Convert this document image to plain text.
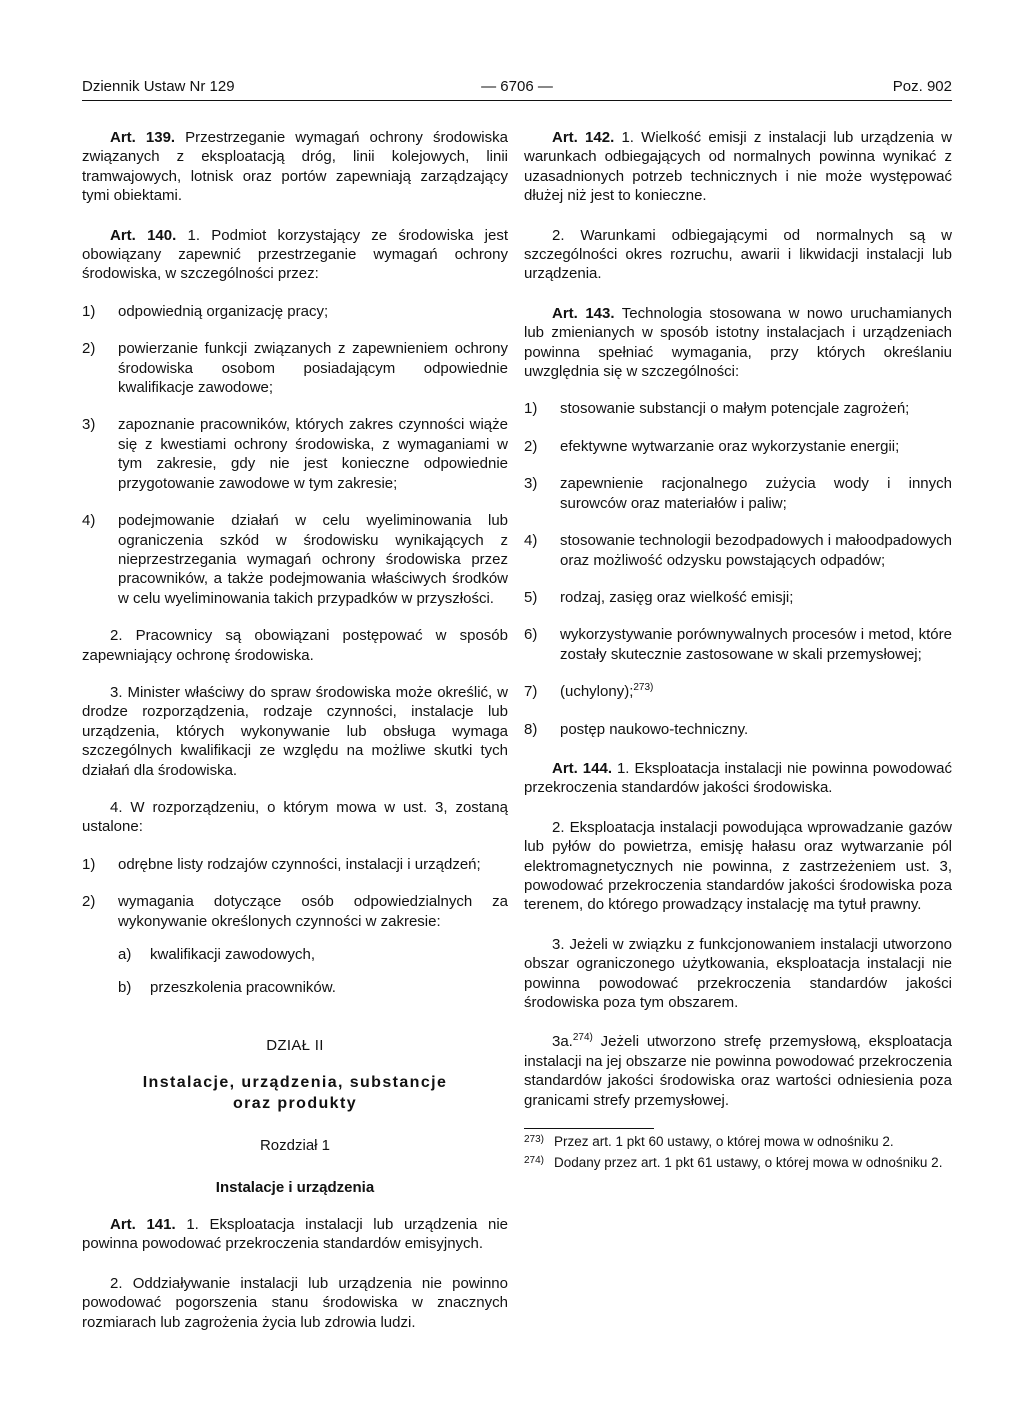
Dziennik Ustaw Nr 129	— 6706 —	Poz. 902

Art. 139. Przestrzeganie wymagań ochrony środowiska związanych z eksploatacją dróg, linii kolejowych, linii tramwajowych, lotnisk oraz portów zapewniają zarządzający tymi obiektami.

Art. 140. 1. Podmiot korzystający ze środowiska jest obowiązany zapewnić przestrzeganie wymagań ochrony środowiska, w szczególności przez:

1) odpowiednią organizację pracy;
2) powierzanie funkcji związanych z zapewnieniem ochrony środowiska osobom posiadającym odpowiednie kwalifikacje zawodowe;
3) zapoznanie pracowników, których zakres czynności wiąże się z kwestiami ochrony środowiska, z wymaganiami w tym zakresie, gdy nie jest konieczne odpowiednie przygotowanie zawodowe w tym zakresie;
4) podejmowanie działań w celu wyeliminowania lub ograniczenia szkód w środowisku wynikających z nieprzestrzegania wymagań ochrony środowiska przez pracowników, a także podejmowania właściwych środków w celu wyeliminowania takich przypadków w przyszłości.

2. Pracownicy są obowiązani postępować w sposób zapewniający ochronę środowiska.

3. Minister właściwy do spraw środowiska może określić, w drodze rozporządzenia, rodzaje czynności, instalacje lub urządzenia, których wykonywanie lub obsługa wymaga szczególnych kwalifikacji ze względu na możliwe skutki tych działań dla środowiska.

4. W rozporządzeniu, o którym mowa w ust. 3, zostaną ustalone:

1) odrębne listy rodzajów czynności, instalacji i urządzeń;
2) wymagania dotyczące osób odpowiedzialnych za wykonywanie określonych czynności w zakresie:
a) kwalifikacji zawodowych,
b) przeszkolenia pracowników.

DZIAŁ II

Instalacje, urządzenia, substancje

oraz produkty

Rozdział 1

Instalacje i urządzenia

Art. 141. 1. Eksploatacja instalacji lub urządzenia nie powinna powodować przekroczenia standardów emisyjnych.

2. Oddziaływanie instalacji lub urządzenia nie powinno powodować pogorszenia stanu środowiska w znacznych rozmiarach lub zagrożenia życia lub zdrowia ludzi.

Art. 142. 1. Wielkość emisji z instalacji lub urządzenia w warunkach odbiegających od normalnych powinna wynikać z uzasadnionych potrzeb technicznych i nie może występować dłużej niż jest to konieczne.

2. Warunkami odbiegającymi od normalnych są w szczególności okres rozruchu, awarii i likwidacji instalacji lub urządzenia.

Art. 143. Technologia stosowana w nowo uruchamianych lub zmienianych w sposób istotny instalacjach i urządzeniach powinna spełniać wymagania, przy których określaniu uwzględnia się w szczególności:

1) stosowanie substancji o małym potencjale zagrożeń;
2) efektywne wytwarzanie oraz wykorzystanie energii;
3) zapewnienie racjonalnego zużycia wody i innych surowców oraz materiałów i paliw;
4) stosowanie technologii bezodpadowych i małoodpadowych oraz możliwość odzysku powstających odpadów;
5) rodzaj, zasięg oraz wielkość emisji;
6) wykorzystywanie porównywalnych procesów i metod, które zostały skutecznie zastosowane w skali przemysłowej;
7) (uchylony);$^{273)}$
8) postęp naukowo-techniczny.

Art. 144. 1. Eksploatacja instalacji nie powinna powodować przekroczenia standardów jakości środowiska.

2. Eksploatacja instalacji powodująca wprowadzanie gazów lub pyłów do powietrza, emisję hałasu oraz wytwarzanie pól elektromagnetycznych nie powinna, z zastrzeżeniem ust. 3, powodować przekroczenia standardów jakości środowiska poza terenem, do którego prowadzący instalację ma tytuł prawny.

3. Jeżeli w związku z funkcjonowaniem instalacji utworzono obszar ograniczonego użytkowania, eksploatacja instalacji nie powinna powodować przekroczenia standardów jakości środowiska poza tym obszarem.

3a.$^{274)}$ Jeżeli utworzono strefę przemysłową, eksploatacja instalacji na jej obszarze nie powinna powodować przekroczenia standardów jakości środowiska oraz wartości odniesienia poza granicami strefy przemysłowej.

273) Przez art. 1 pkt 60 ustawy, o której mowa w odnośniku 2.
274) Dodany przez art. 1 pkt 61 ustawy, o której mowa w odnośniku 2.
